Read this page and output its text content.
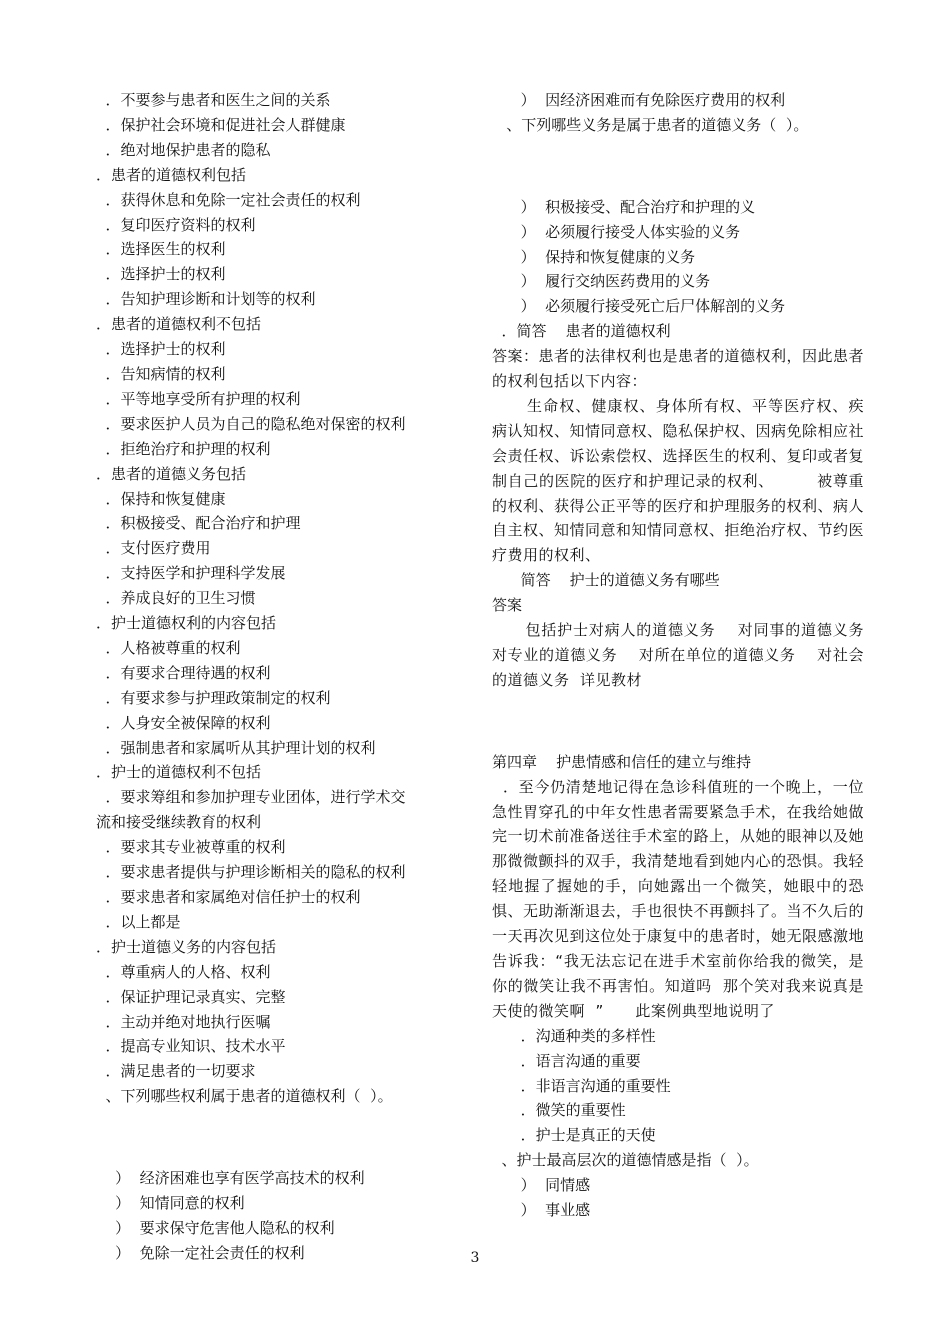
．不要参与患者和医生之间的关系

．保护社会环境和促进社会人群健康

．绝对地保护患者的隐私

．患者的道德权利包括

．获得休息和免除一定社会责任的权利

．复印医疗资料的权利

．选择医生的权利

．选择护士的权利

．告知护理诊断和计划等的权利

．患者的道德权利不包括

．选择护士的权利

．告知病情的权利

．平等地享受所有护理的权利

．要求医护人员为自己的隐私绝对保密的权利

．拒绝治疗和护理的权利

．患者的道德义务包括

．保持和恢复健康

．积极接受、配合治疗和护理

．支付医疗费用

．支持医学和护理科学发展

．养成良好的卫生习惯

．护士道德权利的内容包括

．人格被尊重的权利

．有要求合理待遇的权利

．有要求参与护理政策制定的权利

．人身安全被保障的权利

．强制患者和家属听从其护理计划的权利

．护士的道德权利不包括

．要求筹组和参加护理专业团体，进行学术交

流和接受继续教育的权利

．要求其专业被尊重的权利

．要求患者提供与护理诊断相关的隐私的权利

．要求患者和家属绝对信任护士的权利

．以上都是

．护士道德义务的内容包括

．尊重病人的人格、权利

．保证护理记录真实、完整

．主动并绝对地执行医嘱

．提高专业知识、技术水平

．满足患者的一切要求

、下列哪些权利属于患者的道德权利（  ）。

）  经济困难也享有医学高技术的权利

）  知情同意的权利

）  要求保守危害他人隐私的权利

）  免除一定社会责任的权利

）  因经济困难而有免除医疗费用的权利

、下列哪些义务是属于患者的道德义务（  ）。

）  积极接受、配合治疗和护理的义

）  必须履行接受人体实验的义务

）  保持和恢复健康的义务

）  履行交纳医药费用的义务

）  必须履行接受死亡后尸体解剖的义务

．简答    患者的道德权利

答案：患者的法律权利也是患者的道德权利，因此患者的权利包括以下内容：

生命权、健康权、身体所有权、平等医疗权、疾病认知权、知情同意权、隐私保护权、因病免除相应社会责任权、诉讼索偿权、选择医生的权利、复印或者复制自己的医院的医疗和护理记录的权利、        被尊重的权利、获得公正平等的医疗和护理服务的权利、病人自主权、知情同意和知情同意权、拒绝治疗权、节约医疗费用的权利、

简答    护士的道德义务有哪些

答案

包括护士对病人的道德义务    对同事的道德义务    对专业的道德义务    对所在单位的道德义务    对社会的道德义务  详见教材

第四章    护患情感和信任的建立与维持

．至今仍清楚地记得在急诊科值班的一个晚上，一位急性胃穿孔的中年女性患者需要紧急手术，在我给她做完一切术前准备送往手术室的路上，从她的眼神以及她那微微颤抖的双手，我清楚地看到她内心的恐惧。我轻轻地握了握她的手，向她露出一个微笑，她眼中的恐惧、无助渐渐退去，手也很快不再颤抖了。当不久后的一天再次见到这位处于康复中的患者时，她无限感激地告诉我：“我无法忘记在进手术室前你给我的微笑，是你的微笑让我不再害怕。知道吗  那个笑对我来说真是天使的微笑啊  ”      此案例典型地说明了

．沟通种类的多样性

．语言沟通的重要

．非语言沟通的重要性

．微笑的重要性

．护士是真正的天使

、护士最高层次的道德情感是指（  ）。

）  同情感

）  事业感

3
